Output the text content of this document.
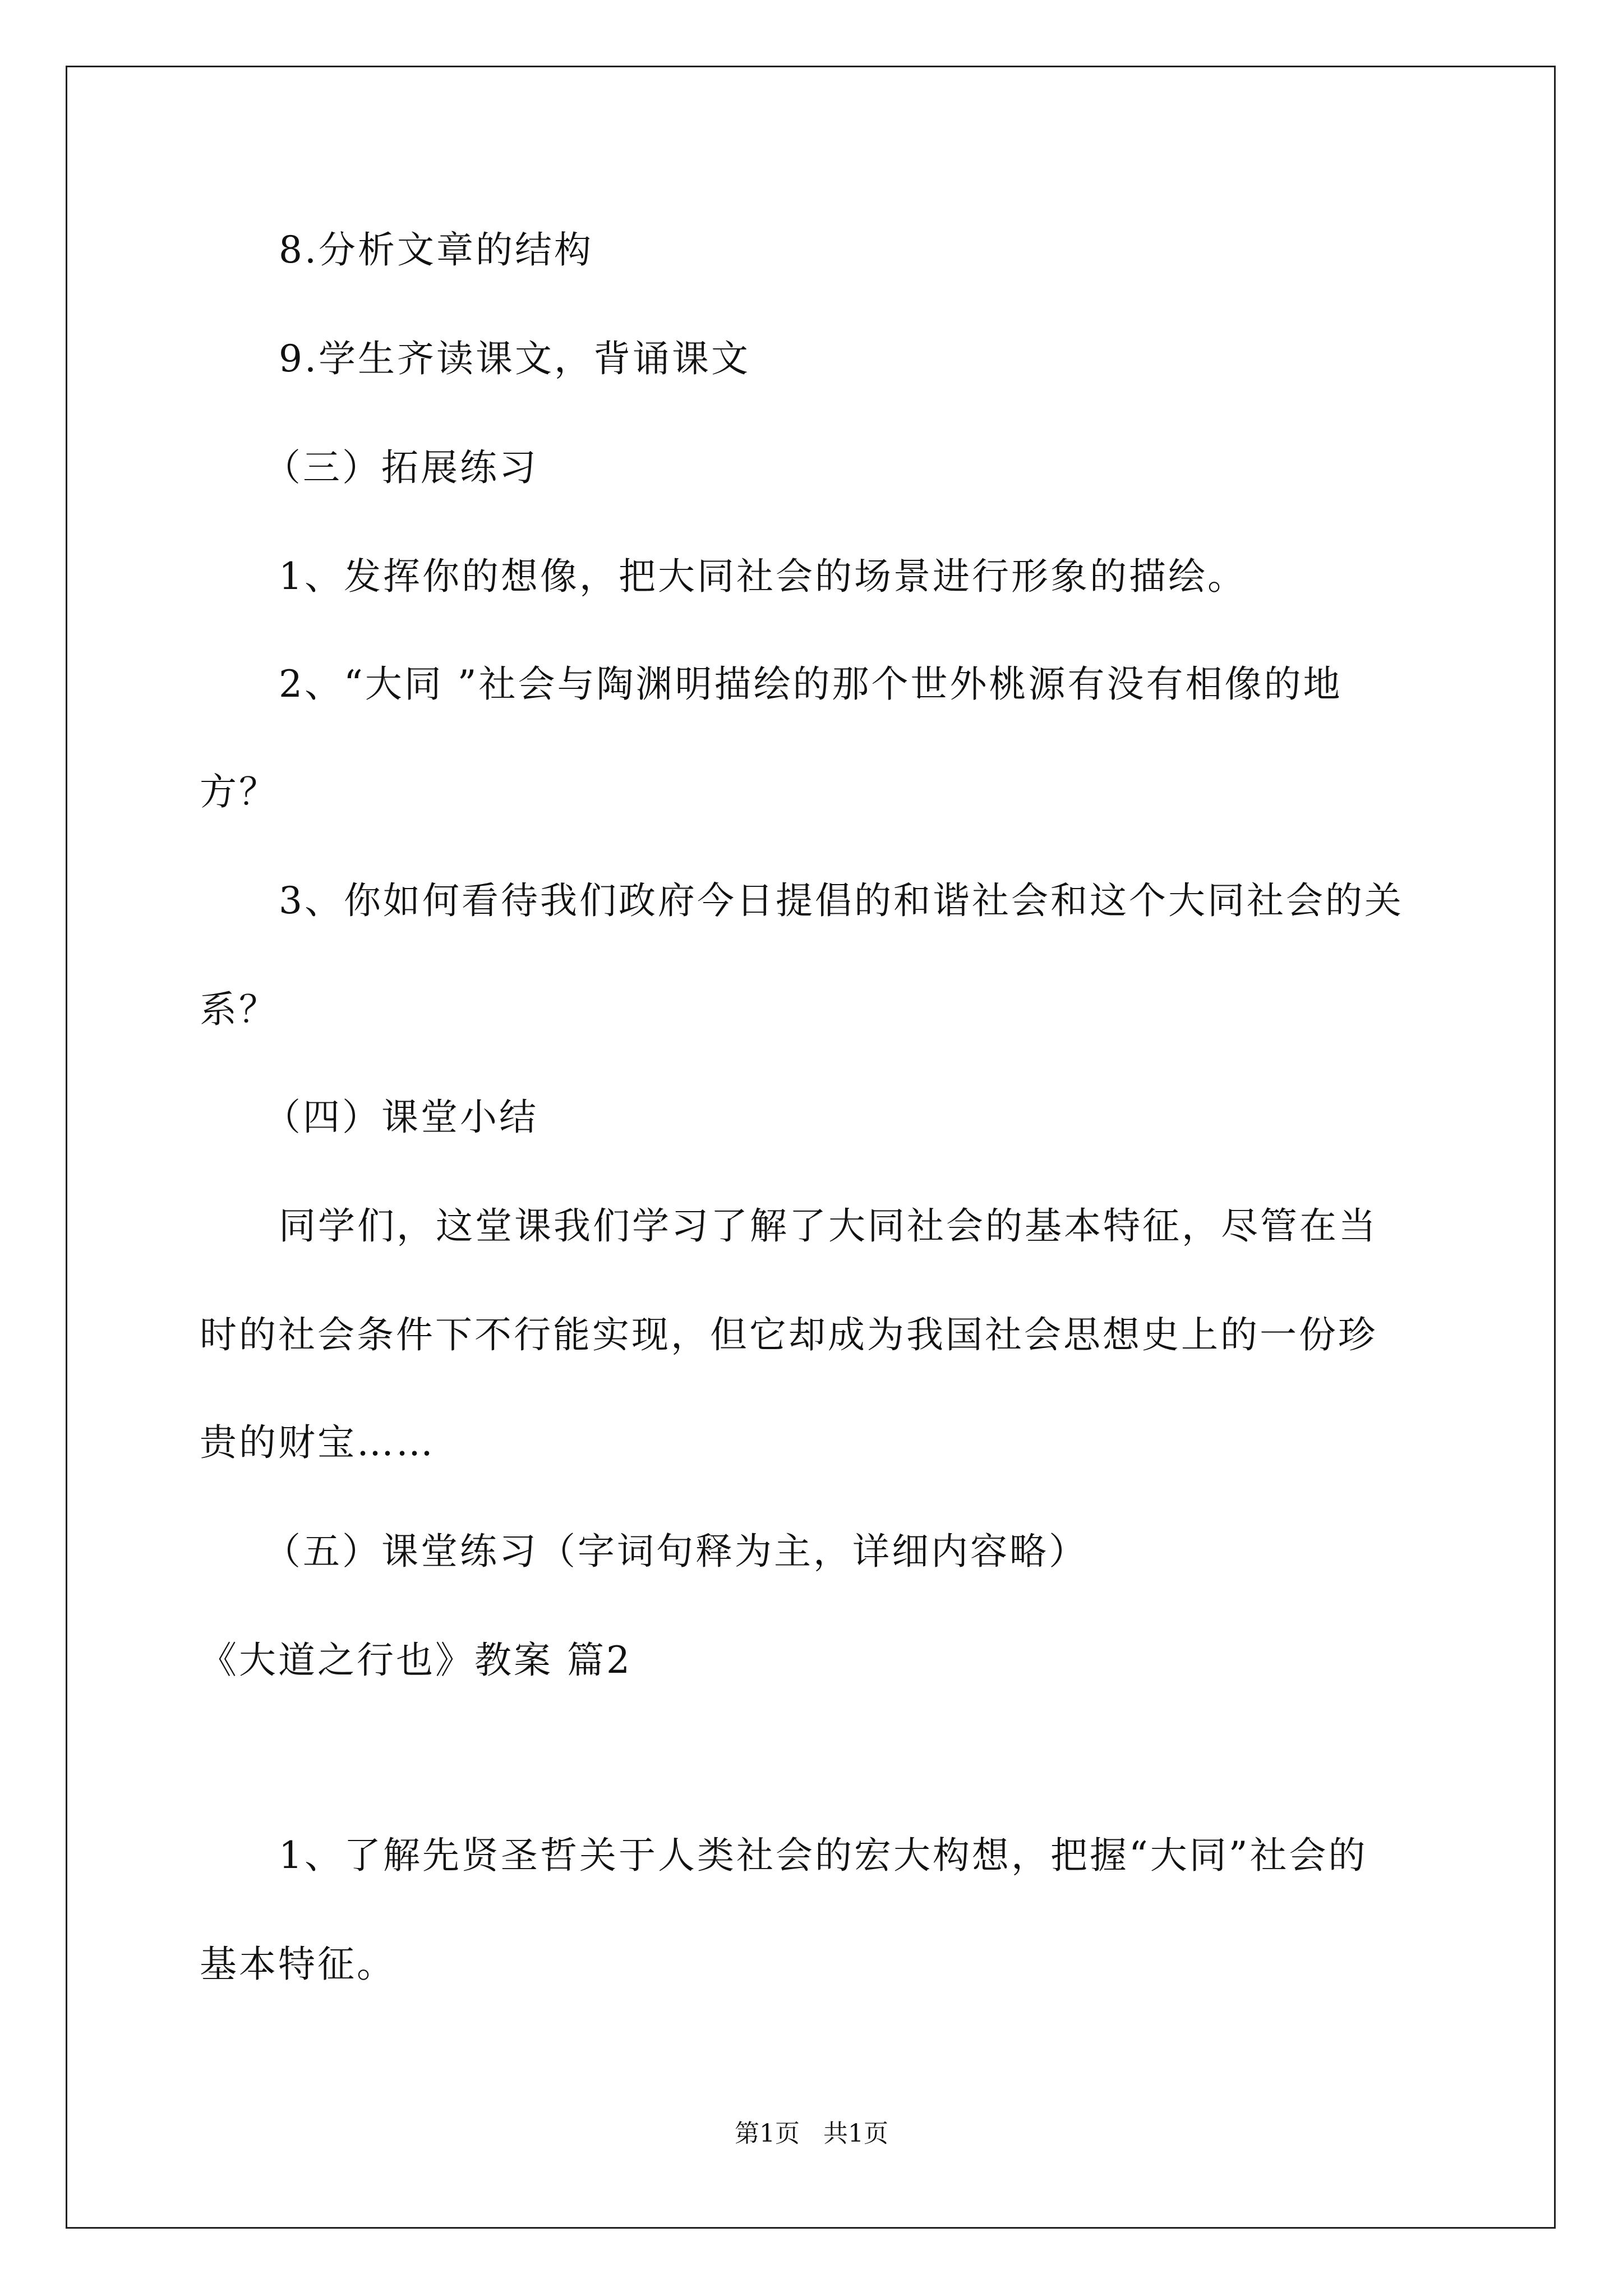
8.分析文章的结构
9.学生齐读课文，背诵课文
（三）拓展练习
1、发挥你的想像，把大同社会的场景进行形象的描绘。
2、“大同 ”社会与陶渊明描绘的那个世外桃源有没有相像的地
方？
3、你如何看待我们政府今日提倡的和谐社会和这个大同社会的关
系？
（四）课堂小结
同学们，这堂课我们学习了解了大同社会的基本特征，尽管在当
时的社会条件下不行能实现，但它却成为我国社会思想史上的一份珍
贵的财宝……
（五）课堂练习（字词句释为主，详细内容略）
《大道之行也》教案 篇2
1、了解先贤圣哲关于人类社会的宏大构想，把握“大同”社会的
基本特征。
第1页   共1页
